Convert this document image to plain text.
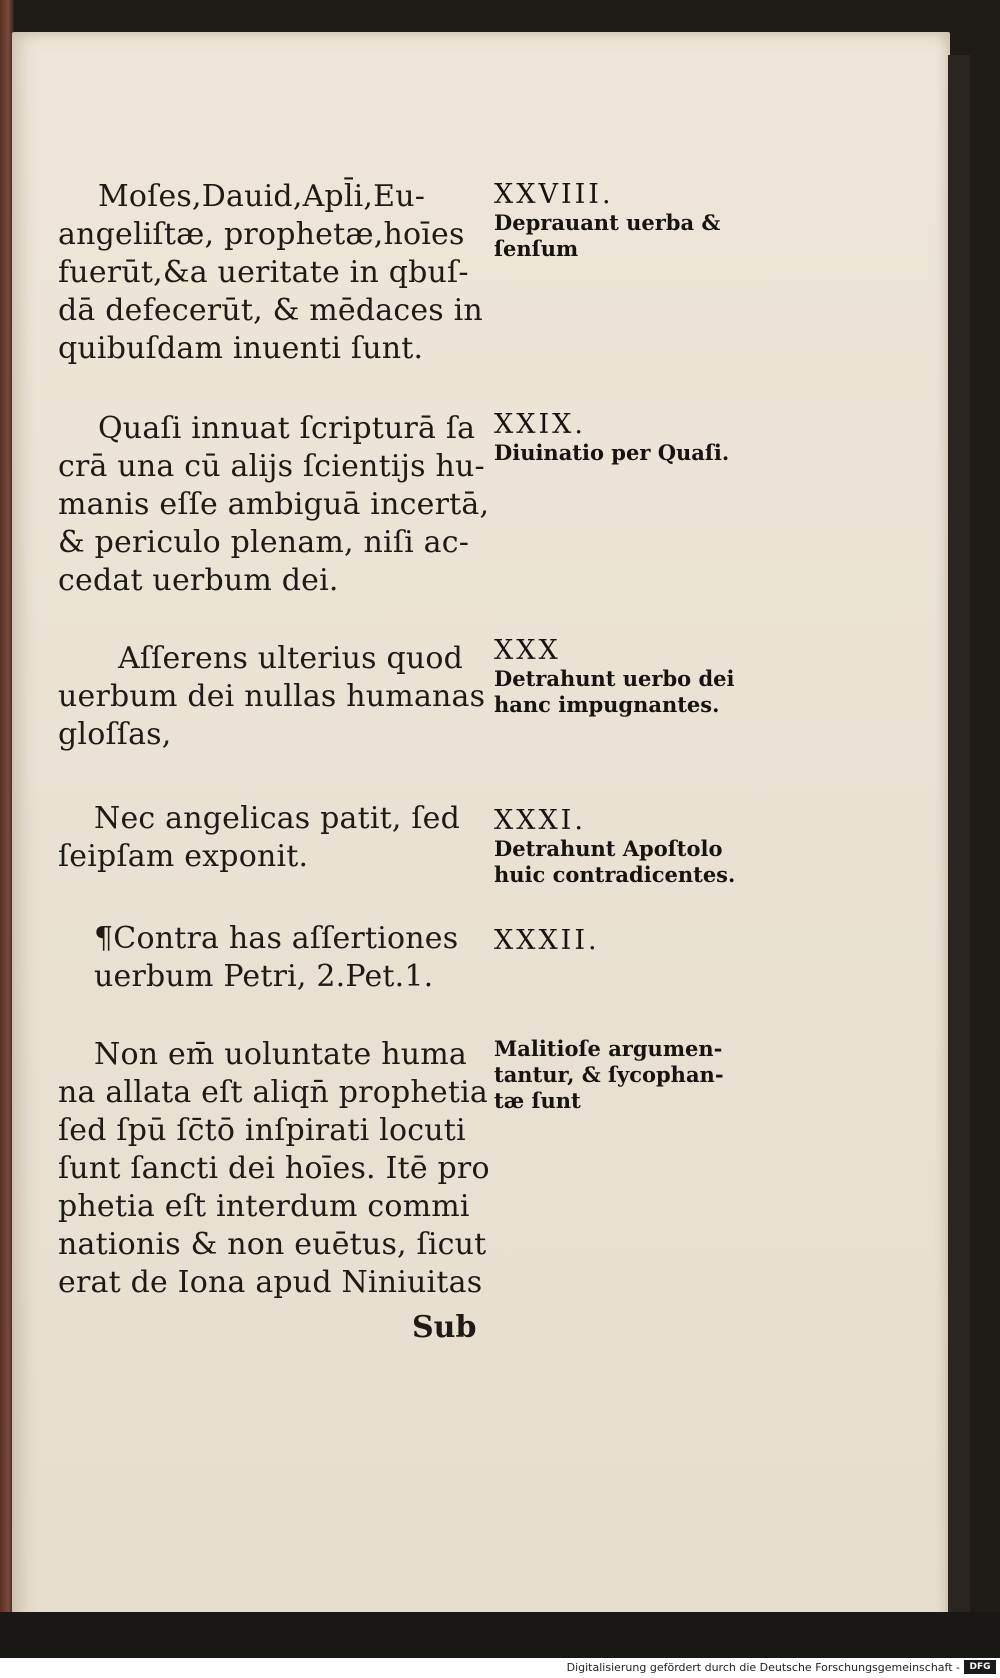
Moſes,Dauid,Apl̄i,Eu-
angeliſtæ, prophetæ,hoīes
fuerūt,&a ueritate in qbuſ-
dā defecerūt, & mēdaces in
quibuſdam inuenti ſunt.
XXVIII.
Deprauant uerba &
ſenſum
Quaſi innuat ſcripturā ſa
crā una cū alijs ſcientijs hu-
manis eſſe ambiguā incertā,
& periculo plenam, niſi ac-
cedat uerbum dei.
XXIX.
Diuinatio per Quaſi.
Aſſerens ulterius quod
uerbum dei nullas humanas
gloſſas,
XXX
Detrahunt uerbo dei
hanc impugnantes.
Nec angelicas patit, ſed
ſeipſam exponit.
XXXI.
Detrahunt Apoſtolo
huic contradicentes.
¶Contra has aſſertiones
uerbum Petri, 2.Pet.1.
XXXII.
Non em̄ uoluntate huma
na allata eſt aliqn̄ prophetia
ſed ſpū ſc̄tō inſpirati locuti
ſunt ſancti dei hoīes. Itē pro
phetia eſt interdum commi
nationis & non euētus, ſicut
erat de Iona apud Niniuitas
Malitioſe argumen-
tantur, & ſycophan-
tæ ſunt
Sub
Digitalisierung gefördert durch die Deutsche Forschungsgemeinschaft -	DFG
